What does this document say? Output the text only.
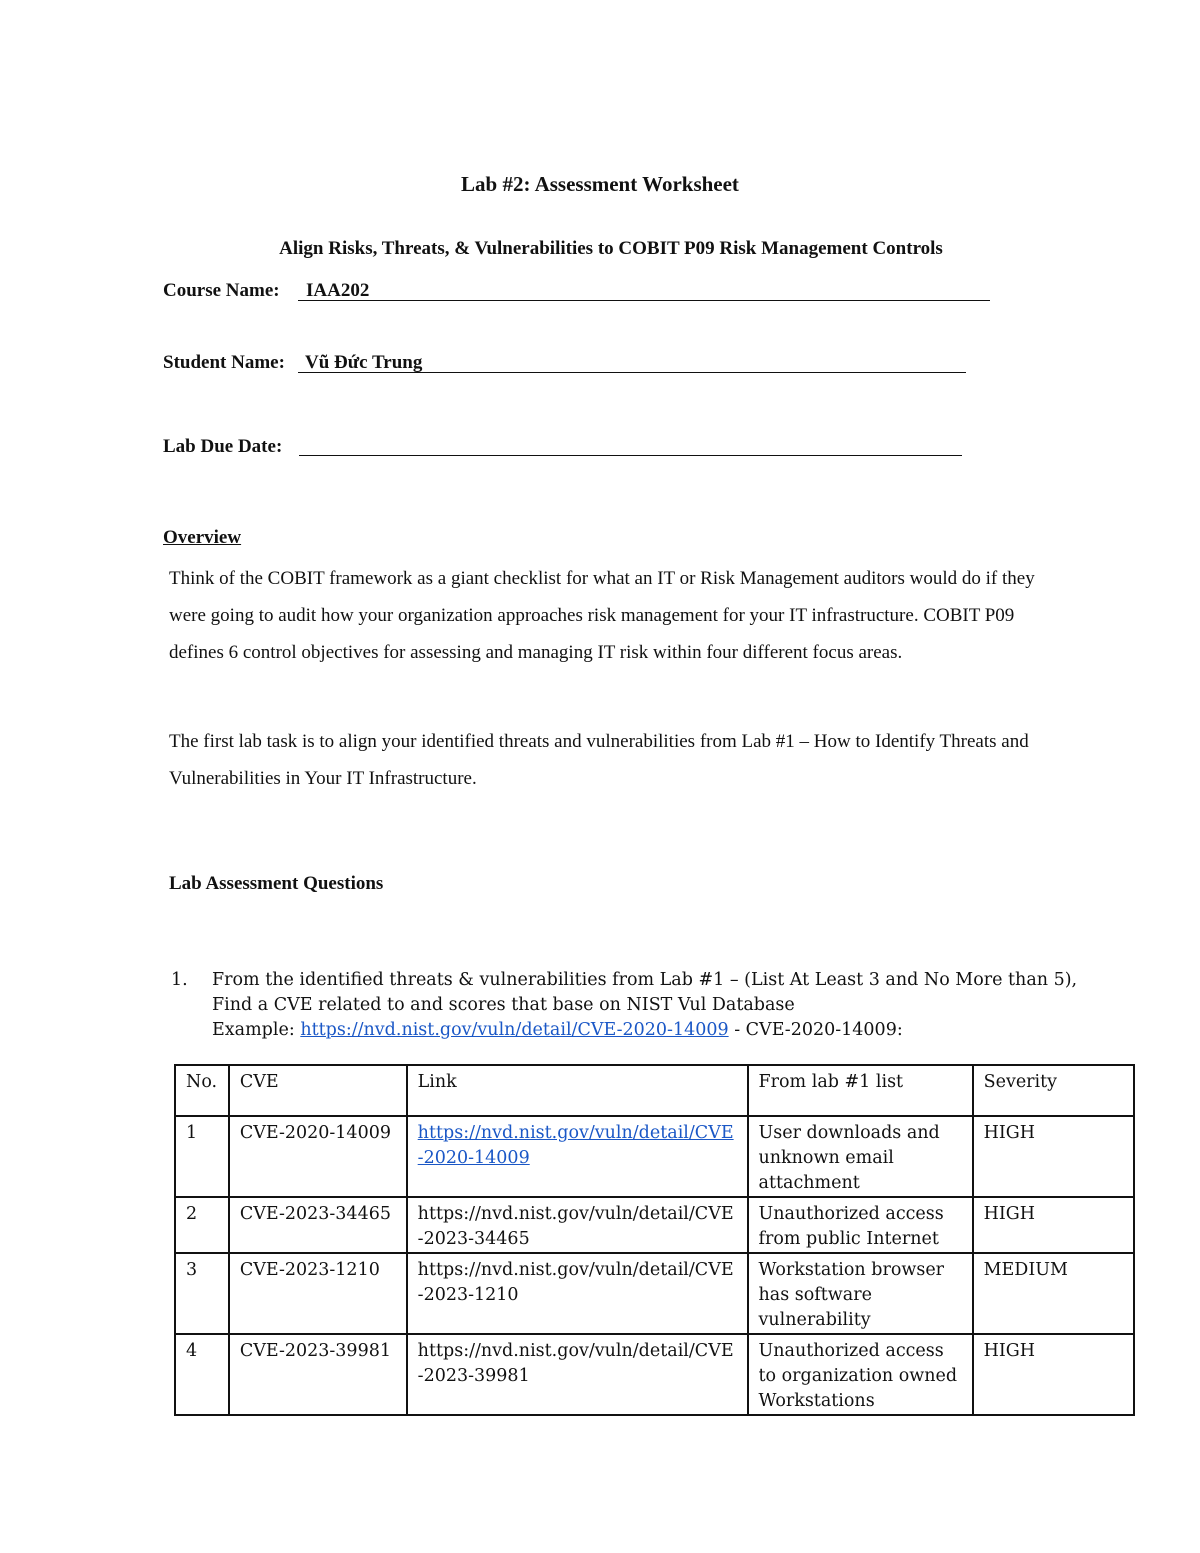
Lab #2: Assessment Worksheet
Align Risks, Threats, & Vulnerabilities to COBIT P09 Risk Management Controls
Course Name: IAA202
Student Name: Vũ Đức Trung
Lab Due Date:
Overview
Think of the COBIT framework as a giant checklist for what an IT or Risk Management auditors would do if they were going to audit how your organization approaches risk management for your IT infrastructure. COBIT P09 defines 6 control objectives for assessing and managing IT risk within four different focus areas.
The first lab task is to align your identified threats and vulnerabilities from Lab #1 – How to Identify Threats and Vulnerabilities in Your IT Infrastructure.
Lab Assessment Questions
1. From the identified threats & vulnerabilities from Lab #1 – (List At Least 3 and No More than 5),
Find a CVE related to and scores that base on NIST Vul Database
Example: https://nvd.nist.gov/vuln/detail/CVE-2020-14009 - CVE-2020-14009:
No.	CVE	Link	From lab #1 list	Severity
1	CVE-2020-14009	https://nvd.nist.gov/vuln/detail/CVE-2020-14009	User downloads and unknown email attachment	HIGH
2	CVE-2023-34465	https://nvd.nist.gov/vuln/detail/CVE-2023-34465	Unauthorized access from public Internet	HIGH
3	CVE-2023-1210	https://nvd.nist.gov/vuln/detail/CVE-2023-1210	Workstation browser has software vulnerability	MEDIUM
4	CVE-2023-39981	https://nvd.nist.gov/vuln/detail/CVE-2023-39981	Unauthorized access to organization owned Workstations	HIGH
